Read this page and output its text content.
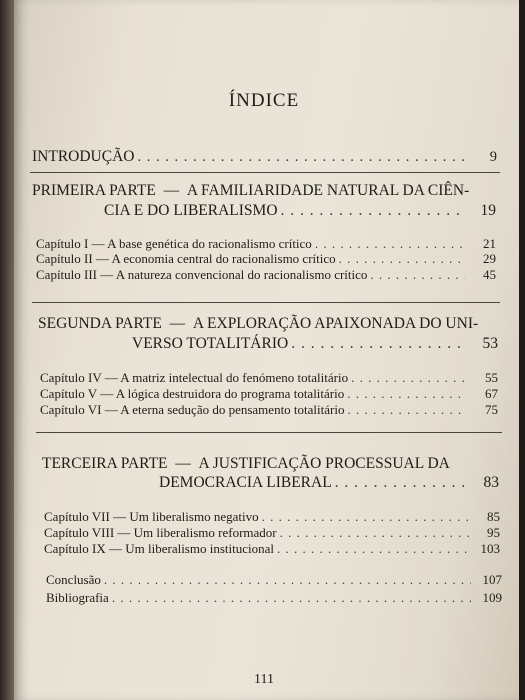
ÍNDICE
INTRODUÇÃO . . .	9
PRIMEIRA PARTE  —  A FAMILIARIDADE NATURAL DA CIÊN-
CIA E DO LIBERALISMO . . .	19
Capítulo I — A base genética do racionalismo crítico . . .	21
Capítulo II — A economia central do racionalismo crítico . . .	29
Capítulo III — A natureza convencional do racionalismo crítico . . .	45
SEGUNDA PARTE  —  A EXPLORAÇÃO APAIXONADA DO UNI-
VERSO TOTALITÁRIO . . .	53
Capítulo IV — A matriz intelectual do fenómeno totalitário . . .	55
Capítulo V — A lógica destruidora do programa totalitário . . .	67
Capítulo VI — A eterna sedução do pensamento totalitário . . .	75
TERCEIRA PARTE  —  A JUSTIFICAÇÃO PROCESSUAL DA
DEMOCRACIA LIBERAL . . .	83
Capítulo VII — Um liberalismo negativo . . .	85
Capítulo VIII — Um liberalismo reformador . . .	95
Capítulo IX — Um liberalismo institucional . . .	103
Conclusão . . .	107
Bibliografia . . .	109
111
